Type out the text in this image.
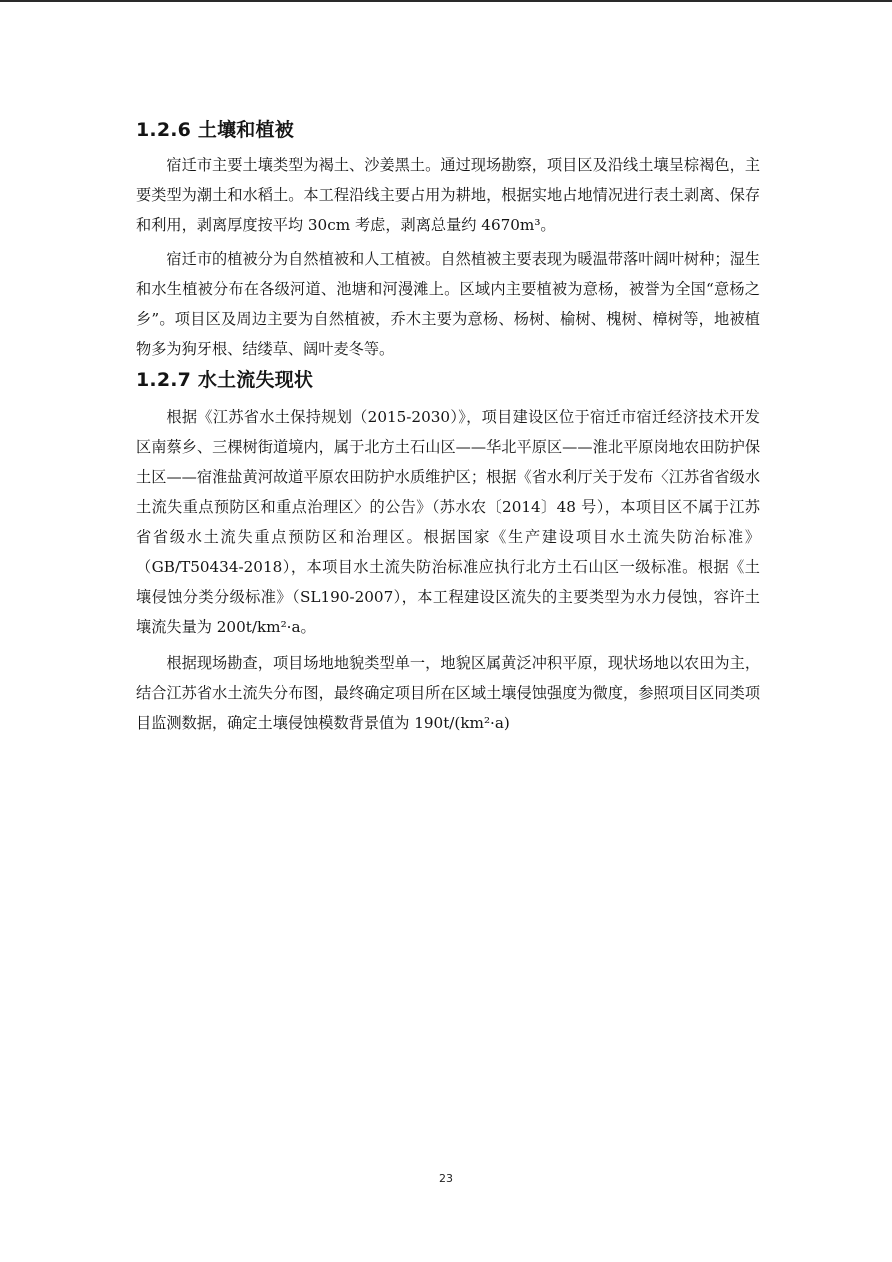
1.2.6 土壤和植被

宿迁市主要土壤类型为褐土、沙姜黑土。通过现场勘察，项目区及沿线土壤呈棕褐色，主要类型为潮土和水稻土。本工程沿线主要占用为耕地，根据实地占地情况进行表土剥离、保存和利用，剥离厚度按平均 30cm 考虑，剥离总量约 4670m³。

宿迁市的植被分为自然植被和人工植被。自然植被主要表现为暖温带落叶阔叶树种；湿生和水生植被分布在各级河道、池塘和河漫滩上。区域内主要植被为意杨，被誉为全国“意杨之乡”。项目区及周边主要为自然植被，乔木主要为意杨、杨树、榆树、槐树、樟树等，地被植物多为狗牙根、结缕草、阔叶麦冬等。

1.2.7 水土流失现状

根据《江苏省水土保持规划（2015-2030）》，项目建设区位于宿迁市宿迁经济技术开发区南蔡乡、三棵树街道境内，属于北方土石山区——华北平原区——淮北平原岗地农田防护保土区——宿淮盐黄河故道平原农田防护水质维护区；根据《省水利厅关于发布〈江苏省省级水土流失重点预防区和重点治理区〉的公告》（苏水农〔2014〕48 号），本项目区不属于江苏省省级水土流失重点预防区和治理区。根据国家《生产建设项目水土流失防治标准》（GB/T50434-2018），本项目水土流失防治标准应执行北方土石山区一级标准。根据《土壤侵蚀分类分级标准》（SL190-2007），本工程建设区流失的主要类型为水力侵蚀，容许土壤流失量为 200t/km²·a。

根据现场勘查，项目场地地貌类型单一，地貌区属黄泛冲积平原，现状场地以农田为主，结合江苏省水土流失分布图，最终确定项目所在区域土壤侵蚀强度为微度，参照项目区同类项目监测数据，确定土壤侵蚀模数背景值为 190t/(km²·a)

23
